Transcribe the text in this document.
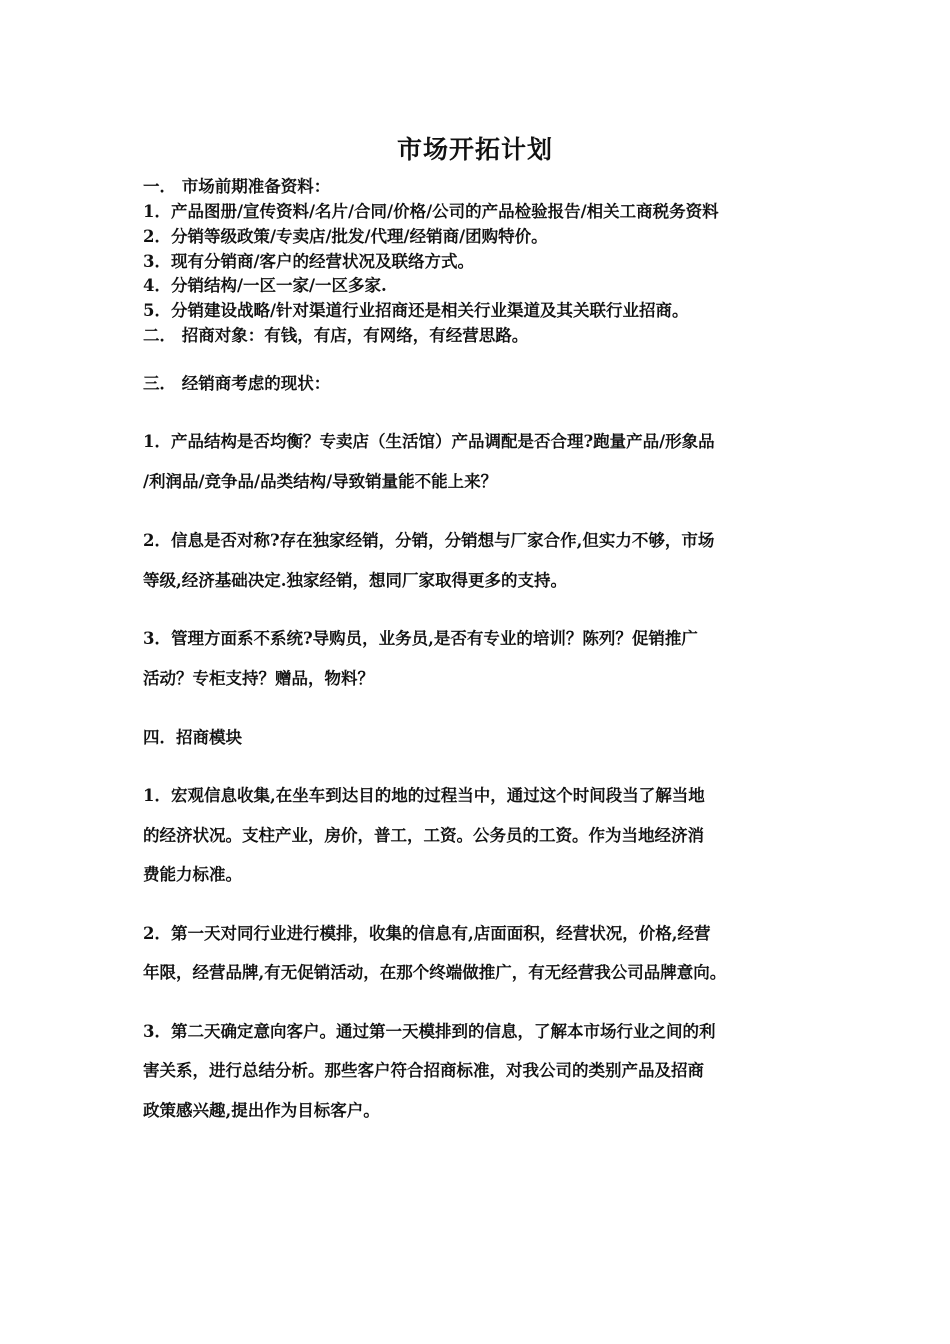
市场开拓计划
一． 市场前期准备资料：
1．产品图册/宣传资料/名片/合同/价格/公司的产品检验报告/相关工商税务资料
2．分销等级政策/专卖店/批发/代理/经销商/团购特价。
3．现有分销商/客户的经营状况及联络方式。
4．分销结构/一区一家/一区多家.
5．分销建设战略/针对渠道行业招商还是相关行业渠道及其关联行业招商。
二． 招商对象：有钱，有店，有网络，有经营思路。
三． 经销商考虑的现状：
1．产品结构是否均衡？专卖店（生活馆）产品调配是否合理?跑量产品/形象品
/利润品/竞争品/品类结构/导致销量能不能上来？
2．信息是否对称?存在独家经销，分销，分销想与厂家合作,但实力不够，市场
等级,经济基础决定.独家经销，想同厂家取得更多的支持。
3．管理方面系不系统?导购员，业务员,是否有专业的培训？陈列？促销推广
活动？专柜支持？赠品，物料？
四．招商模块
1．宏观信息收集,在坐车到达目的地的过程当中，通过这个时间段当了解当地
的经济状况。支柱产业，房价，普工，工资。公务员的工资。作为当地经济消
费能力标准。
2．第一天对同行业进行模排，收集的信息有,店面面积，经营状况，价格,经营
年限，经营品牌,有无促销活动，在那个终端做推广，有无经营我公司品牌意向。
3．第二天确定意向客户。通过第一天模排到的信息，了解本市场行业之间的利
害关系，进行总结分析。那些客户符合招商标准，对我公司的类别产品及招商
政策感兴趣,提出作为目标客户。
